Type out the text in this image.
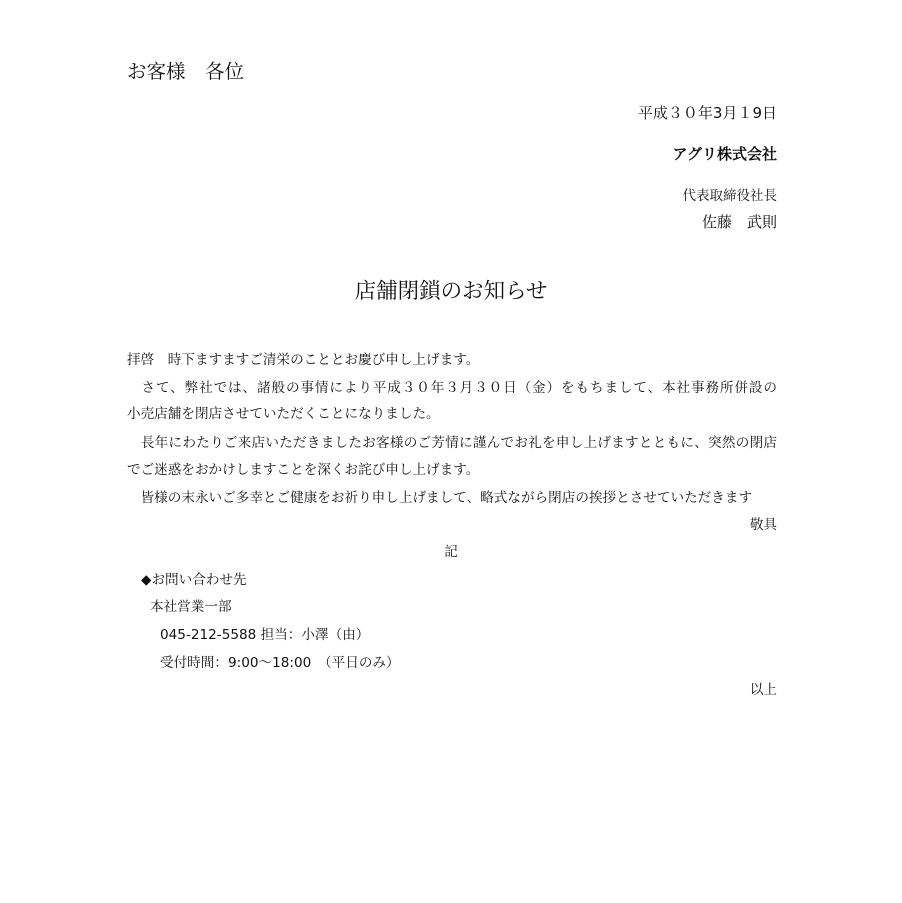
お客様　各位
平成３０年3月１9日
アグリ株式会社
代表取締役社長
佐藤　武則
店舗閉鎖のお知らせ
拝啓　時下ますますご清栄のこととお慶び申し上げます。
　さて、弊社では、諸般の事情により平成３０年３月３０日（金）をもちまして、本社事務所併設の
小売店舗を閉店させていただくことになりました。
　長年にわたりご来店いただきましたお客様のご芳情に謹んでお礼を申し上げますとともに、突然の閉店
でご迷惑をおかけしますことを深くお詫び申し上げます。
　皆様の末永いご多幸とご健康をお祈り申し上げまして、略式ながら閉店の挨拶とさせていただきます
敬具
記
◆お問い合わせ先
本社営業一部
045-212-5588 担当：小澤（由）
受付時間：9:00～18:00　（平日のみ）
以上
